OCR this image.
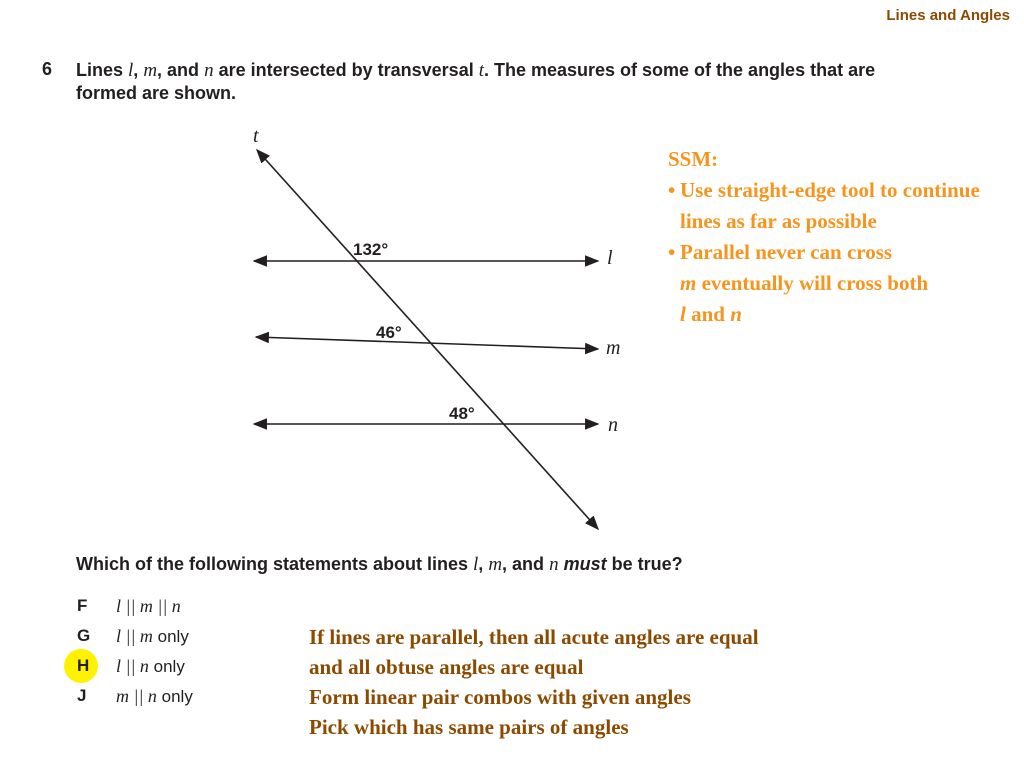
Lines and Angles
6 Lines l, m, and n are intersected by transversal t. The measures of some of the angles that are formed are shown.
132°
46°
48°
t
l
m
n
SSM:
• Use straight-edge tool to continue lines as far as possible
• Parallel never can cross
m eventually will cross both
l and n
Which of the following statements about lines l, m, and n must be true?
F l || m || n
G l || m only
H l || n only
J m || n only
If lines are parallel, then all acute angles are equal
and all obtuse angles are equal
Form linear pair combos with given angles
Pick which has same pairs of angles
